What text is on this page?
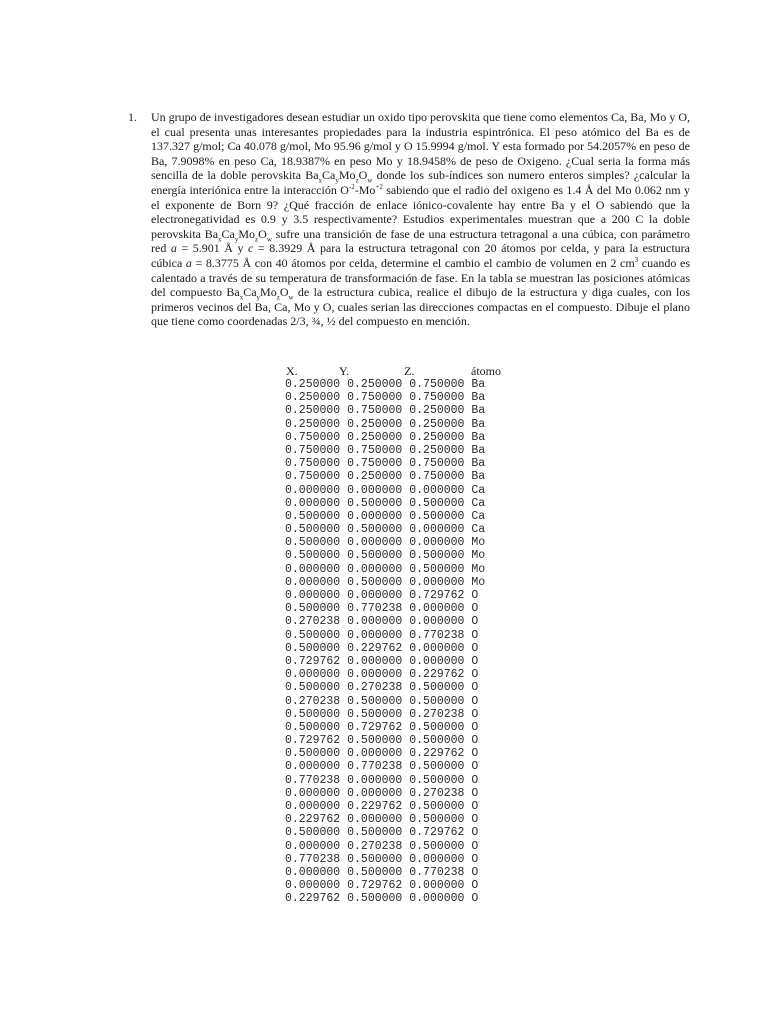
1. Un grupo de investigadores desean estudiar un oxido tipo perovskita que tiene como elementos Ca, Ba, Mo y O, el cual presenta unas interesantes propiedades para la industria espintrónica. El peso atómico del Ba es de 137.327 g/mol; Ca 40.078 g/mol, Mo 95.96 g/mol y O 15.9994 g/mol. Y esta formado por 54.2057% en peso de Ba, 7.9098% en peso Ca, 18.9387% en peso Mo y 18.9458% de peso de Oxigeno. ¿Cual seria la forma más sencilla de la doble perovskita $Ba_xCa_yMo_zO_w$ donde los sub-índices son numero enteros simples? ¿calcular la energía interiónica entre la interacción $O^{-2}-Mo^{+2}$ sabiendo que el radio del oxigeno es 1.4 Å del Mo 0.062 nm y el exponente de Born 9? ¿Qué fracción de enlace iónico-covalente hay entre Ba y el O sabiendo que la electronegatividad es 0.9 y 3.5 respectivamente? Estudios experimentales muestran que a 200 C la doble perovskita $Ba_xCa_yMo_zO_w$ sufre una transición de fase de una estructura tetragonal a una cúbica, con parámetro red a = 5.901 Å y c = 8.3929 Å para la estructura tetragonal con 20 átomos por celda, y para la estructura cúbica a = 8.3775 Å con 40 átomos por celda, determine el cambio el cambio de volumen en 2 $cm^3$ cuando es calentado a través de su temperatura de transformación de fase. En la tabla se muestran las posiciones atómicas del compuesto $Ba_xCa_yMo_zO_w$ de la estructura cubica, realice el dibujo de la estructura y diga cuales, con los primeros vecinos del Ba, Ca, Mo y O, cuales serian las direcciones compactas en el compuesto. Dibuje el plano que tiene como coordenadas 2/3, ¾, ½ del compuesto en mención.

X.	Y.	Z.	átomo
0.250000 0.250000 0.750000 Ba
0.250000 0.750000 0.750000 Ba
0.250000 0.750000 0.250000 Ba
0.250000 0.250000 0.250000 Ba
0.750000 0.250000 0.250000 Ba
0.750000 0.750000 0.250000 Ba
0.750000 0.750000 0.750000 Ba
0.750000 0.250000 0.750000 Ba
0.000000 0.000000 0.000000 Ca
0.000000 0.500000 0.500000 Ca
0.500000 0.000000 0.500000 Ca
0.500000 0.500000 0.000000 Ca
0.500000 0.000000 0.000000 Mo
0.500000 0.500000 0.500000 Mo
0.000000 0.000000 0.500000 Mo
0.000000 0.500000 0.000000 Mo
0.000000 0.000000 0.729762 O
0.500000 0.770238 0.000000 O
0.270238 0.000000 0.000000 O
0.500000 0.000000 0.770238 O
0.500000 0.229762 0.000000 O
0.729762 0.000000 0.000000 O
0.000000 0.000000 0.229762 O
0.500000 0.270238 0.500000 O
0.270238 0.500000 0.500000 O
0.500000 0.500000 0.270238 O
0.500000 0.729762 0.500000 O
0.729762 0.500000 0.500000 O
0.500000 0.000000 0.229762 O
0.000000 0.770238 0.500000 O
0.770238 0.000000 0.500000 O
0.000000 0.000000 0.270238 O
0.000000 0.229762 0.500000 O
0.229762 0.000000 0.500000 O
0.500000 0.500000 0.729762 O
0.000000 0.270238 0.500000 O
0.770238 0.500000 0.000000 O
0.000000 0.500000 0.770238 O
0.000000 0.729762 0.000000 O
0.229762 0.500000 0.000000 O
